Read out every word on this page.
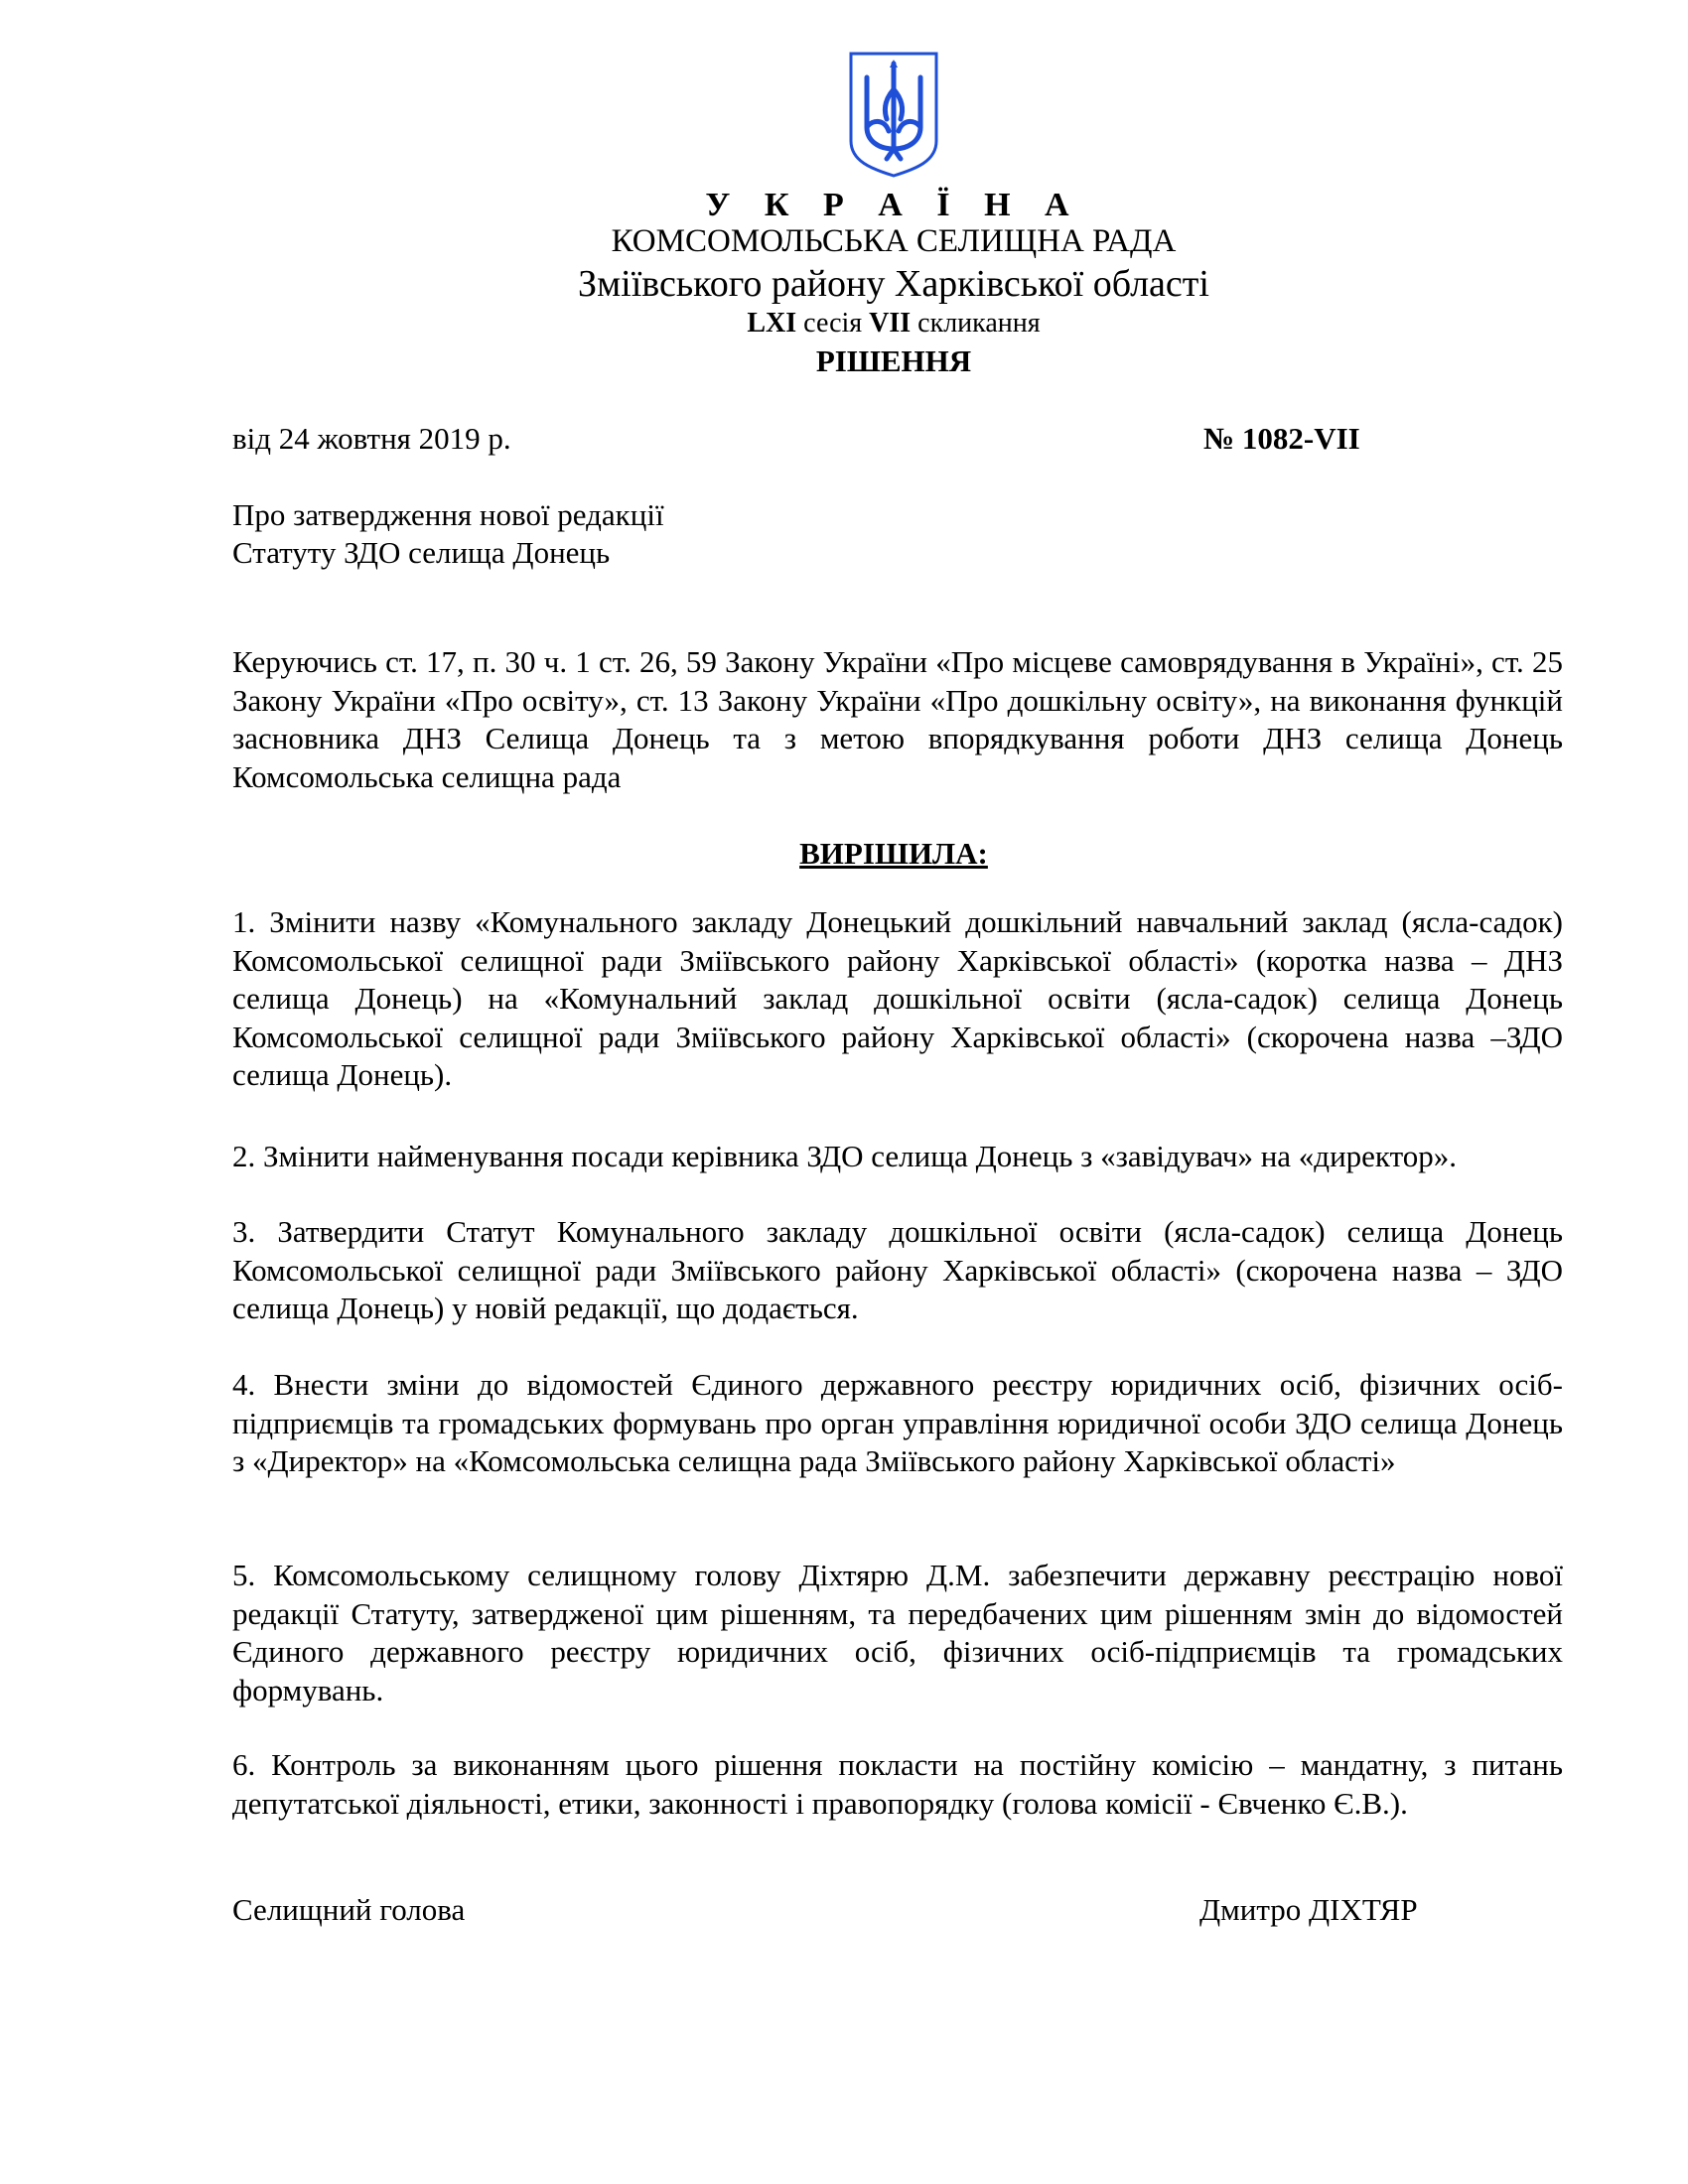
У К Р А Ї Н А
КОМСОМОЛЬСЬКА СЕЛИЩНА РАДА
Зміївського району Харківської області
LXI сесія VII скликання
РІШЕННЯ
від 24 жовтня 2019 р.	№ 1082-VII
Про затвердження нової редакції
Статуту ЗДО селища Донець
Керуючись ст. 17, п. 30 ч. 1 ст. 26, 59 Закону України «Про місцеве самоврядування в Україні», ст. 25 Закону України «Про освіту», ст. 13 Закону України «Про дошкільну освіту», на виконання функцій засновника ДНЗ Селища Донець та з метою впорядкування роботи ДНЗ селища Донець Комсомольська селищна рада
ВИРІШИЛА:
1. Змінити назву «Комунального закладу Донецький дошкільний навчальний заклад (ясла-садок) Комсомольської селищної ради Зміївського району Харківської області» (коротка назва – ДНЗ селища Донець) на «Комунальний заклад дошкільної освіти (ясла-садок) селища Донець Комсомольської селищної ради Зміївського району Харківської області» (скорочена назва –ЗДО селища Донець).
2. Змінити найменування посади керівника ЗДО селища Донець з «завідувач» на «директор».
3. Затвердити Статут Комунального закладу дошкільної освіти (ясла-садок) селища Донець Комсомольської селищної ради Зміївського району Харківської області» (скорочена назва – ЗДО селища Донець) у новій редакції, що додається.
4. Внести зміни до відомостей Єдиного державного реєстру юридичних осіб, фізичних осіб-підприємців та громадських формувань про орган управління юридичної особи ЗДО селища Донець з «Директор» на «Комсомольська селищна рада Зміївського району Харківської області»
5. Комсомольському селищному голову Діхтярю Д.М. забезпечити державну реєстрацію нової редакції Статуту, затвердженої цим рішенням, та передбачених цим рішенням змін до відомостей Єдиного державного реєстру юридичних осіб, фізичних осіб-підприємців та громадських формувань.
6. Контроль за виконанням цього рішення покласти на постійну комісію – мандатну, з питань депутатської діяльності, етики, законності і правопорядку (голова комісії - Євченко Є.В.).
Селищний голова	Дмитро ДІХТЯР
